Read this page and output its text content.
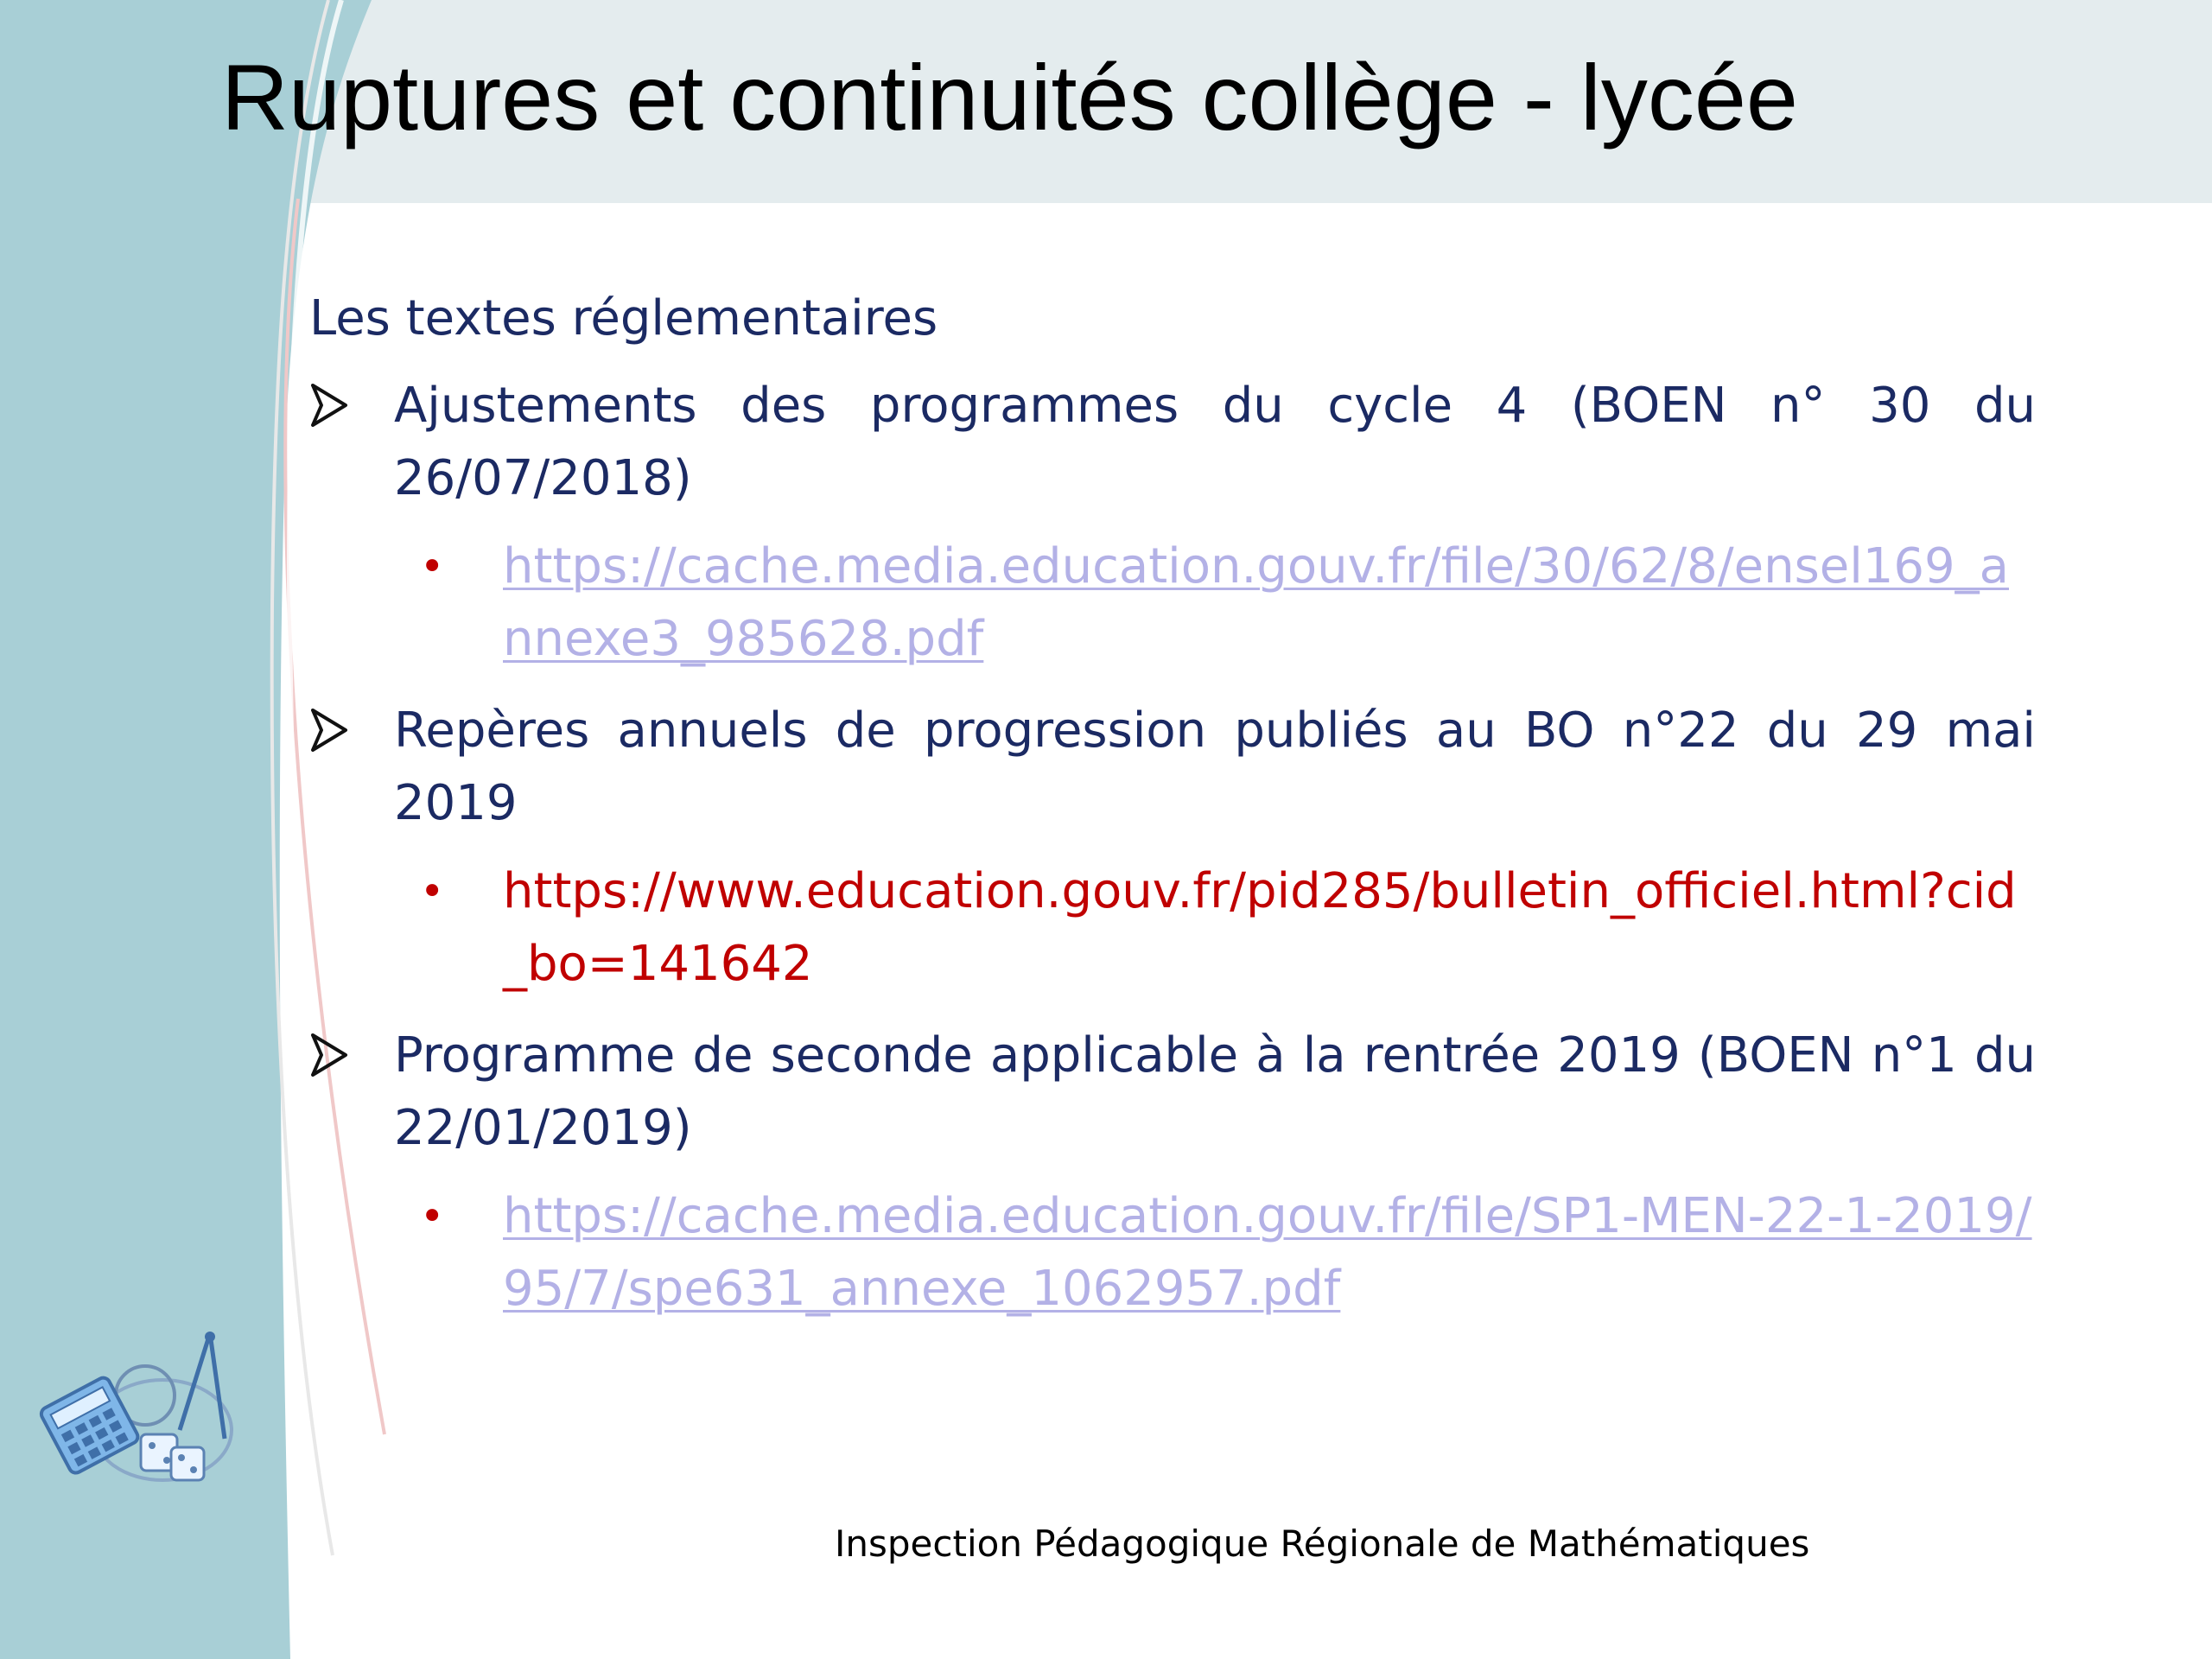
Ruptures et continuités collège - lycée
Les textes réglementaires
Ajustements des programmes du cycle 4 (BOEN n° 30 du 26/07/2018)
• https://cache.media.education.gouv.fr/file/30/62/8/ensel169_annexe3_985628.pdf
Repères annuels de progression publiés au BO n°22 du 29 mai 2019
• https://www.education.gouv.fr/pid285/bulletin_officiel.html?cid_bo=141642
Programme de seconde applicable à la rentrée 2019 (BOEN n°1 du 22/01/2019)
• https://cache.media.education.gouv.fr/file/SP1-MEN-22-1-2019/95/7/spe631_annexe_1062957.pdf
Inspection Pédagogique Régionale de Mathématiques
